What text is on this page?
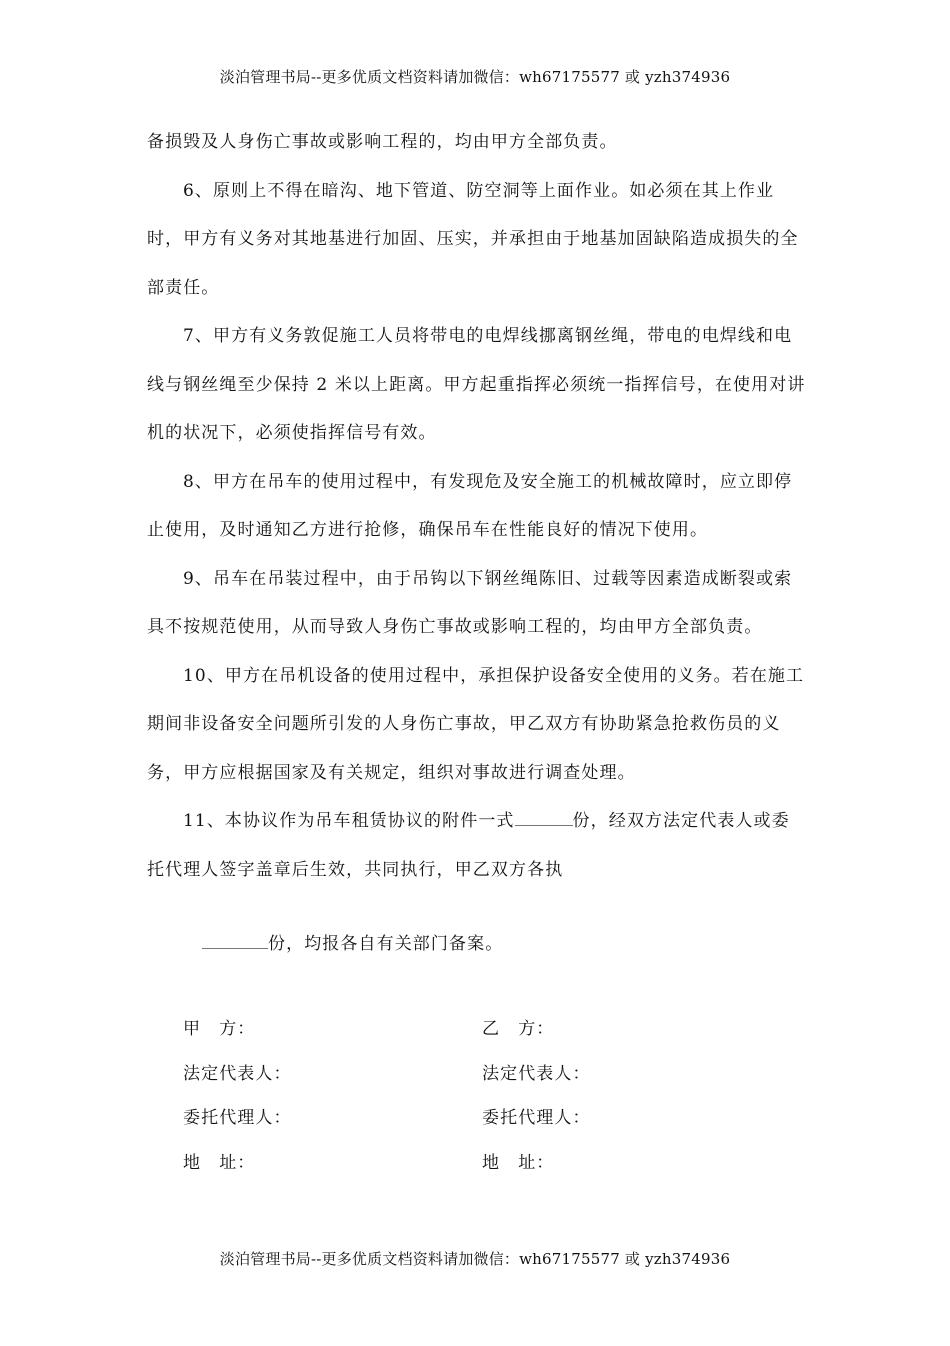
淡泊管理书局--更多优质文档资料请加微信：wh67175577 或 yzh374936

备损毁及人身伤亡事故或影响工程的，均由甲方全部负责。

6、原则上不得在暗沟、地下管道、防空洞等上面作业。如必须在其上作业时，甲方有义务对其地基进行加固、压实，并承担由于地基加固缺陷造成损失的全部责任。

7、甲方有义务敦促施工人员将带电的电焊线挪离钢丝绳，带电的电焊线和电线与钢丝绳至少保持 2 米以上距离。甲方起重指挥必须统一指挥信号，在使用对讲机的状况下，必须使指挥信号有效。

8、甲方在吊车的使用过程中，有发现危及安全施工的机械故障时，应立即停止使用，及时通知乙方进行抢修，确保吊车在性能良好的情况下使用。

9、吊车在吊装过程中，由于吊钩以下钢丝绳陈旧、过载等因素造成断裂或索具不按规范使用，从而导致人身伤亡事故或影响工程的，均由甲方全部负责。

10、甲方在吊机设备的使用过程中，承担保护设备安全使用的义务。若在施工期间非设备安全问题所引发的人身伤亡事故，甲乙双方有协助紧急抢救伤员的义务，甲方应根据国家及有关规定，组织对事故进行调查处理。

11、本协议作为吊车租赁协议的附件一式	份，经双方法定代表人或委托代理人签字盖章后生效，共同执行，甲乙双方各执

份，均报各自有关部门备案。
甲　方：	乙　方：
法定代表人：	法定代表人：
委托代理人：	委托代理人：
地　址：	地　址：
淡泊管理书局--更多优质文档资料请加微信：wh67175577 或 yzh374936
